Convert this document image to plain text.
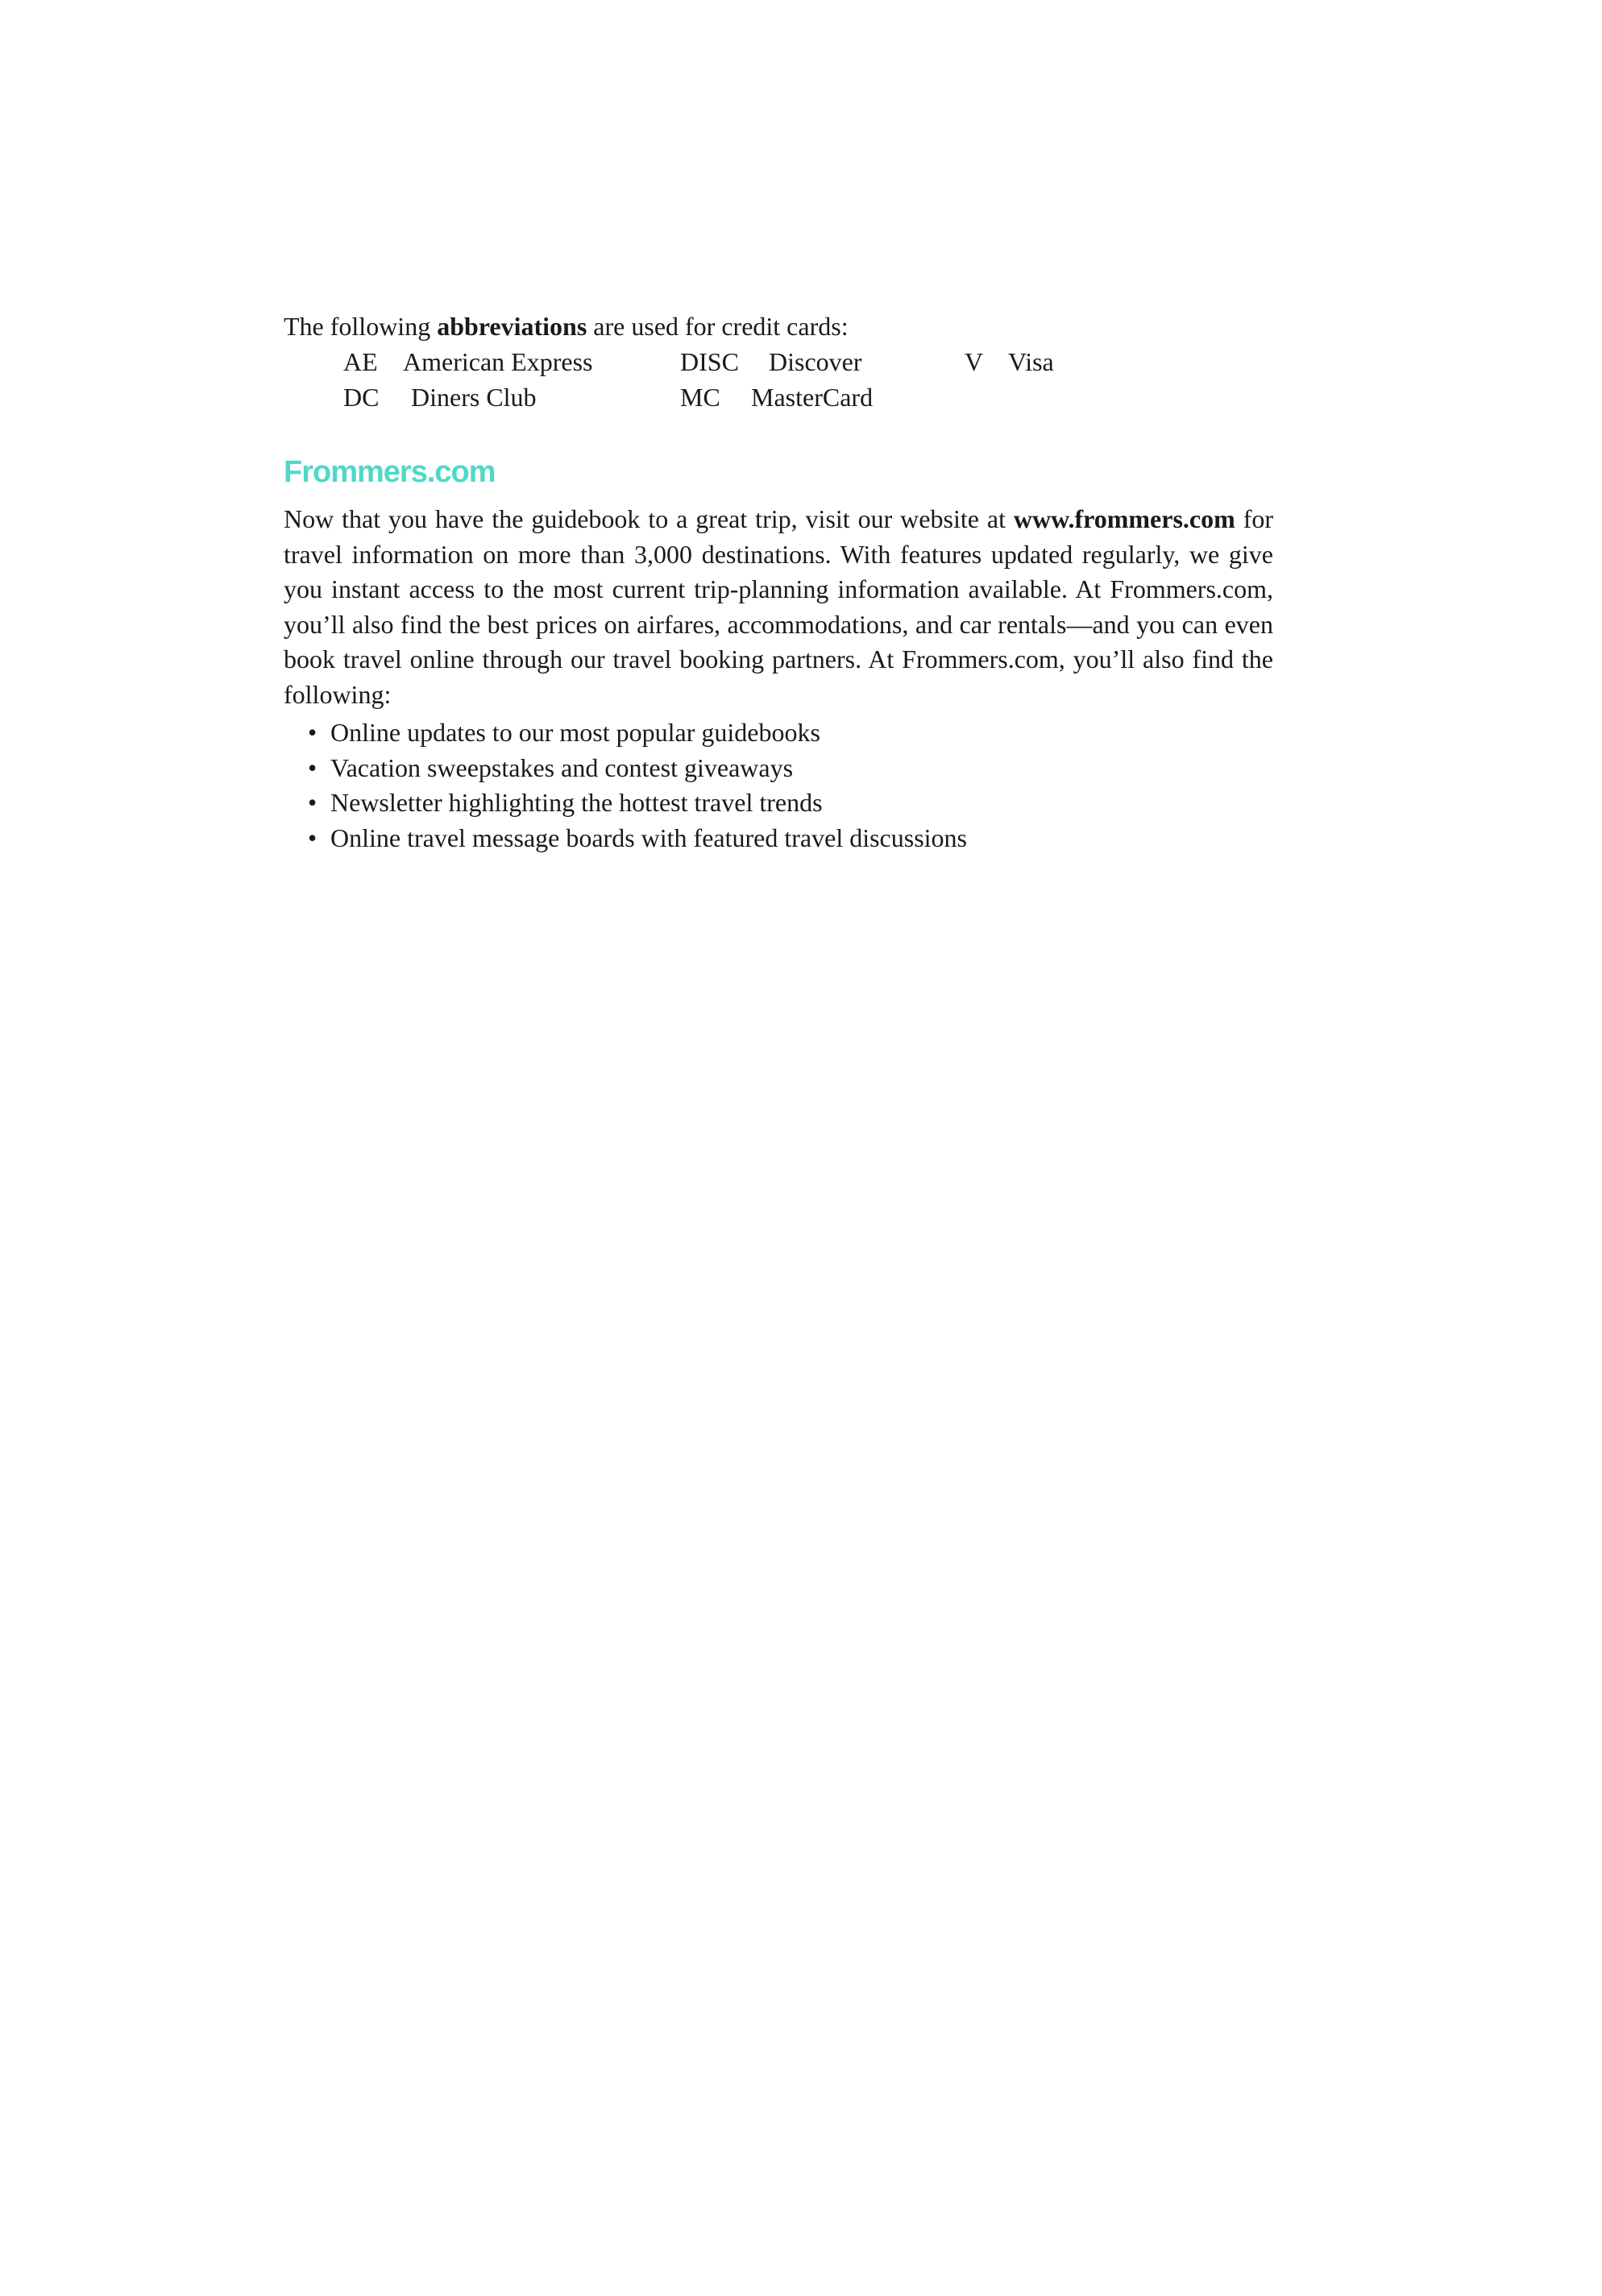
The following abbreviations are used for credit cards:

AE American Express	DISC Discover	V Visa
DC Diners Club	MC MasterCard
Frommers.com

Now that you have the guidebook to a great trip, visit our website at www.frommers.com for travel information on more than 3,000 destinations. With features updated regularly, we give you instant access to the most current trip-planning information available. At Frommers.com, you’ll also find the best prices on airfares, accommodations, and car rentals—and you can even book travel online through our travel booking partners. At Frommers.com, you’ll also find the following:

• Online updates to our most popular guidebooks
• Vacation sweepstakes and contest giveaways
• Newsletter highlighting the hottest travel trends
• Online travel message boards with featured travel discussions
